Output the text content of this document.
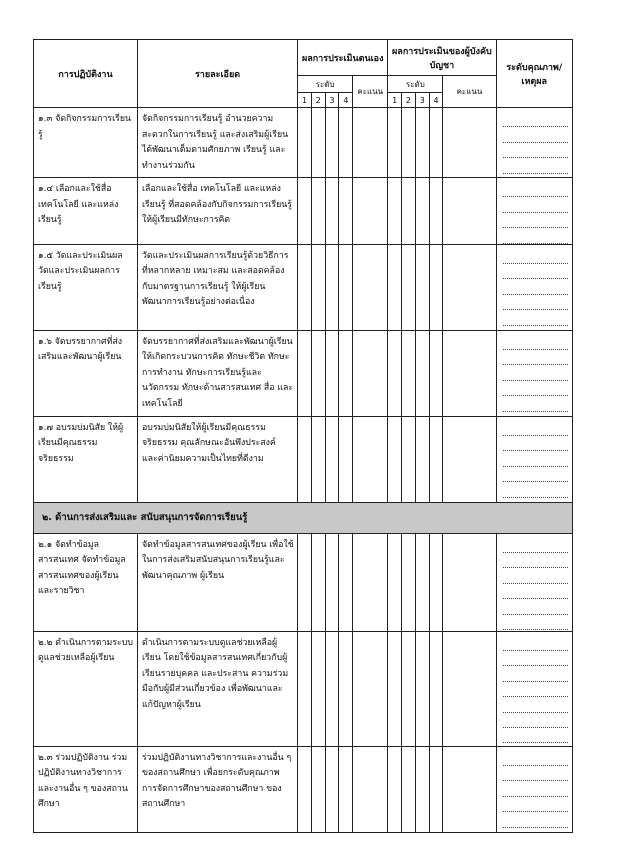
การปฏิบัติงาน	รายละเอียด	ผลการประเมินตนเอง					ผลการประเมินของผู้บังคับบัญชา					ระดับคุณภาพ/ เหตุผล
		ระดับ				คะแนน	ระดับ				คะแนน	
		1	2	3	4		1	2	3	4		
๑.๓ จัดกิจกรรมการเรียนรู้	จัดกิจกรรมการเรียนรู้ อำนวยความสะดวกในการเรียนรู้ และส่งเสริมผู้เรียน ได้พัฒนาเต็มตามศักยภาพ เรียนรู้ และทำงานร่วมกัน											

๑.๔ เลือกและใช้สื่อ เทคโนโลยี และแหล่งเรียนรู้	เลือกและใช้สื่อ เทคโนโลยี และแหล่งเรียนรู้ ที่สอดคล้องกับกิจกรรมการเรียนรู้ให้ผู้เรียนมีทักษะการคิด											

๑.๕ วัดและประเมินผล วัดและประเมินผลการเรียนรู้	วัดและประเมินผลการเรียนรู้ด้วยวิธีการที่หลากหลาย เหมาะสม และสอดคล้องกับมาตรฐานการเรียนรู้ ให้ผู้เรียนพัฒนาการเรียนรู้อย่างต่อเนื่อง											

๑.๖ จัดบรรยากาศที่ส่งเสริมและพัฒนาผู้เรียน	จัดบรรยากาศที่ส่งเสริมและพัฒนาผู้เรียน ให้เกิดกระบวนการคิด ทักษะชีวิต ทักษะการทำงาน ทักษะการเรียนรู้และนวัตกรรม ทักษะด้านสารสนเทศ สื่อ และเทคโนโลยี											

๑.๗ อบรมบ่มนิสัย ให้ผู้เรียนมีคุณธรรม จริยธรรม	อบรมบ่มนิสัยให้ผู้เรียนมีคุณธรรม จริยธรรม คุณลักษณะอันพึงประสงค์ และค่านิยมความเป็นไทยที่ดีงาม											

๒. ด้านการส่งเสริมและ สนับสนุนการจัดการเรียนรู้												
๒.๑ จัดทำข้อมูลสารสนเทศ จัดทำข้อมูลสารสนเทศของผู้เรียนและรายวิชา	จัดทำข้อมูลสารสนเทศของผู้เรียน เพื่อใช้ ในการส่งเสริมสนับสนุนการเรียนรู้และพัฒนาคุณภาพ ผู้เรียน											

๒.๒ ดำเนินการตามระบบดูแลช่วยเหลือผู้เรียน	ดำเนินการตามระบบดูแลช่วยเหลือผู้เรียน โดยใช้ข้อมูลสารสนเทศเกี่ยวกับผู้เรียนรายบุคคล และประสาน ความร่วมมือกับผู้มีส่วนเกี่ยวข้อง เพื่อพัฒนาและ แก้ปัญหาผู้เรียน											

๒.๓ ร่วมปฏิบัติงาน ร่วมปฏิบัติงานทางวิชาการและงานอื่น ๆ ของสถานศึกษา	ร่วมปฏิบัติงานทางวิชาการและงานอื่น ๆ ของสถานศึกษา เพื่อยกระดับคุณภาพการจัดการศึกษาของสถานศึกษา ของสถานศึกษา											
